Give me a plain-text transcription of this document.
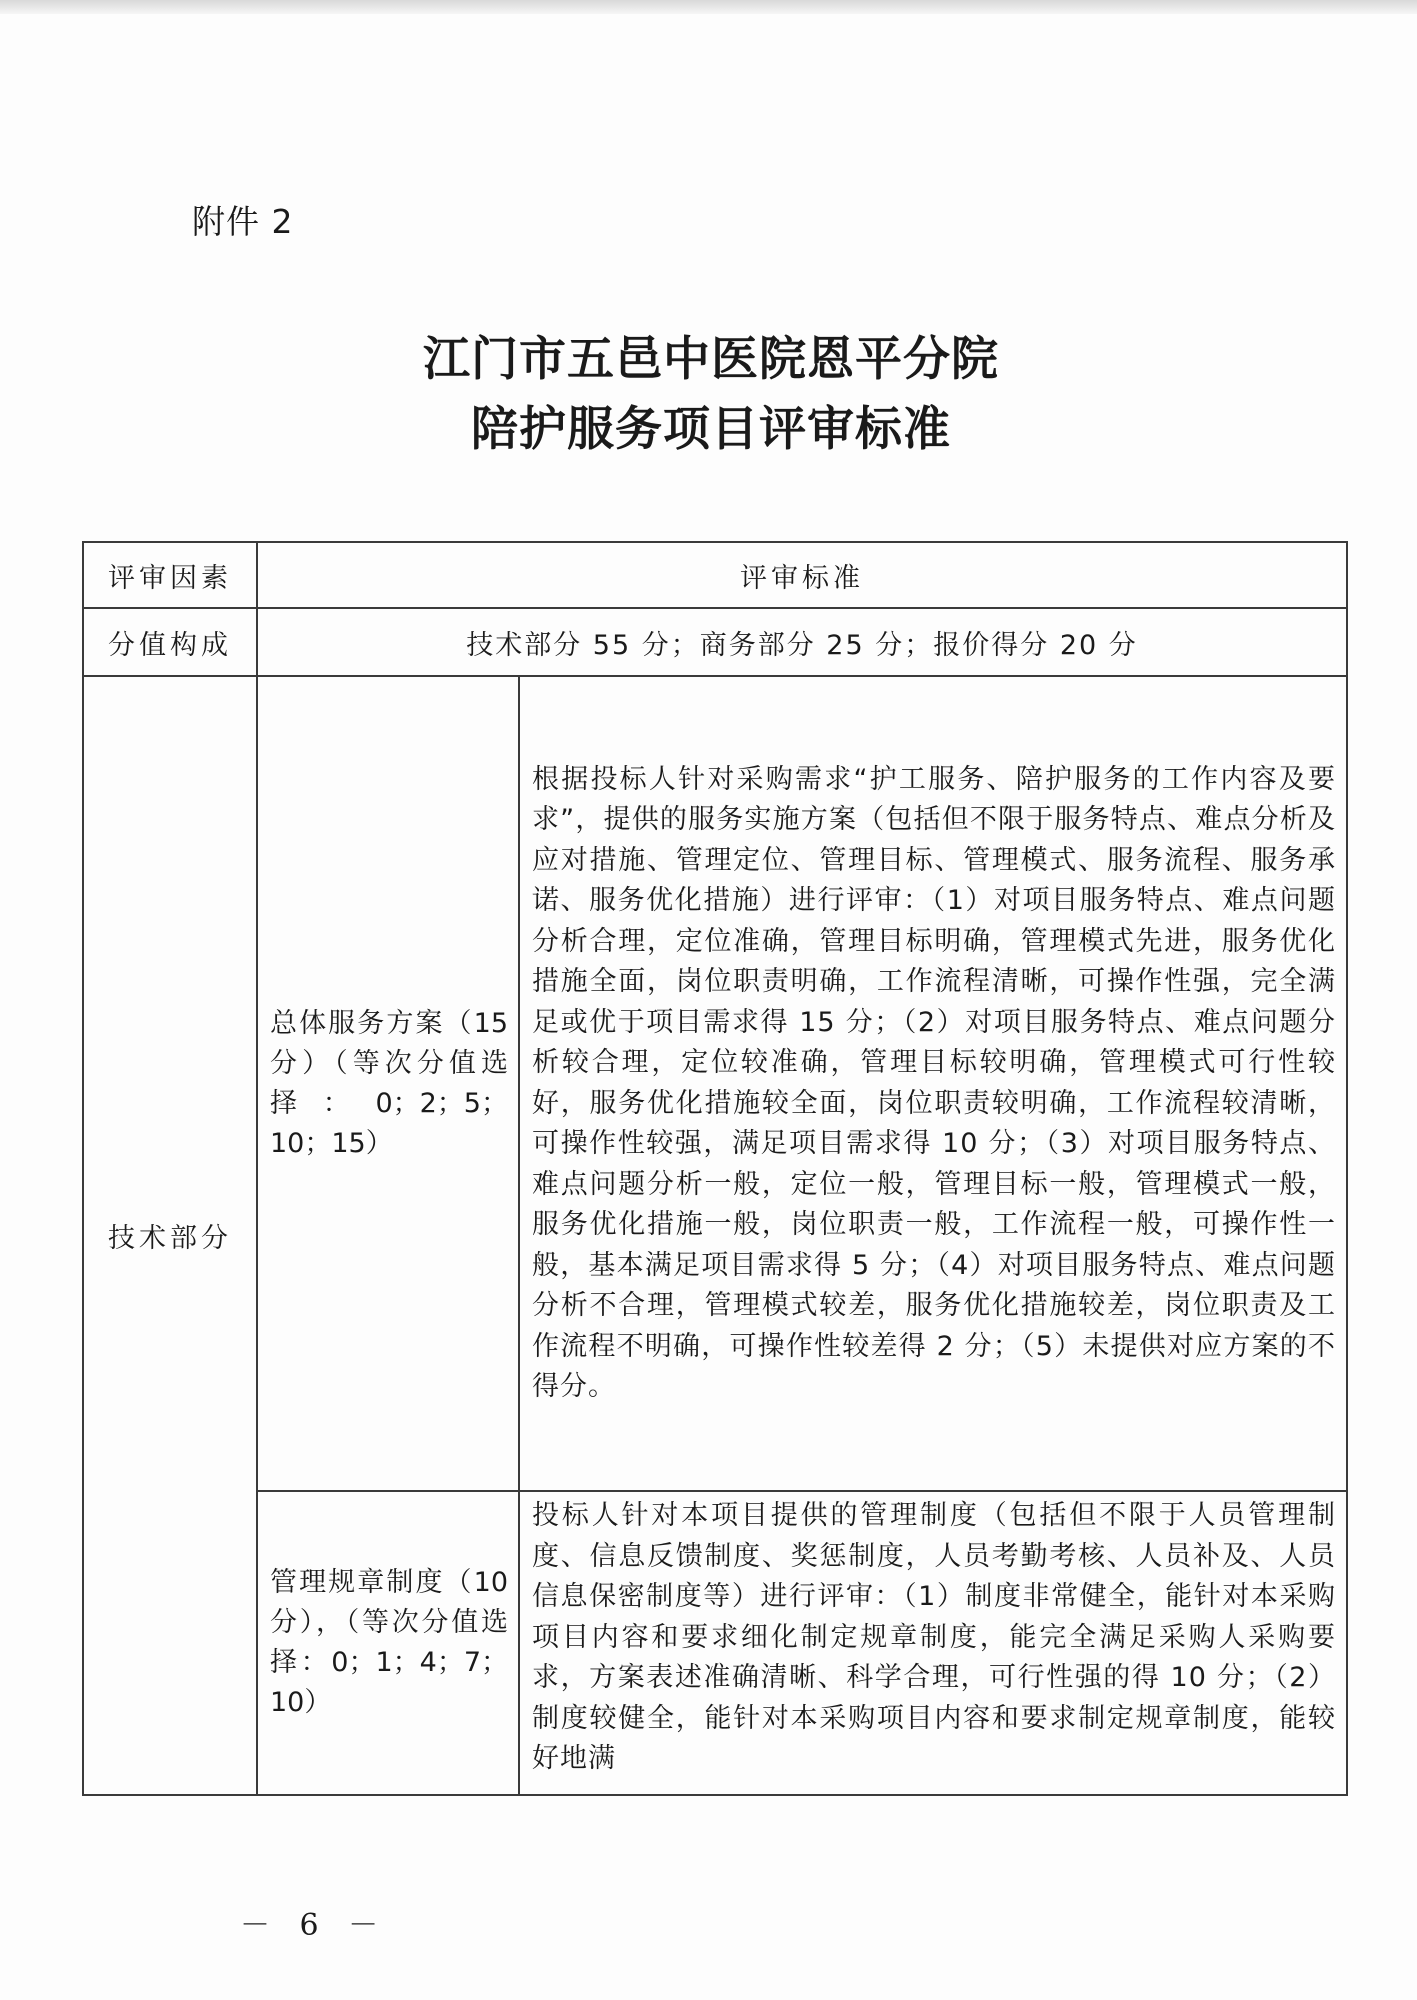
附件 2
江门市五邑中医院恩平分院
陪护服务项目评审标准
评审因素	评审标准	
分值构成	技术部分 55 分；商务部分 25 分；报价得分 20 分	
技术部分	总体服务方案（15 分）（等次分值选择：0；2；5；10；15）	根据投标人针对采购需求“护工服务、陪护服务的工作内容及要求”，提供的服务实施方案（包括但不限于服务特点、难点分析及应对措施、管理定位、管理目标、管理模式、服务流程、服务承诺、服务优化措施）进行评审：（1）对项目服务特点、难点问题分析合理，定位准确，管理目标明确，管理模式先进，服务优化措施全面，岗位职责明确，工作流程清晰，可操作性强，完全满足或优于项目需求得 15 分；（2）对项目服务特点、难点问题分析较合理，定位较准确，管理目标较明确，管理模式可行性较好，服务优化措施较全面，岗位职责较明确，工作流程较清晰，可操作性较强，满足项目需求得 10 分；（3）对项目服务特点、难点问题分析一般，定位一般，管理目标一般，管理模式一般，服务优化措施一般，岗位职责一般，工作流程一般，可操作性一般，基本满足项目需求得 5 分；（4）对项目服务特点、难点问题分析不合理，管理模式较差，服务优化措施较差，岗位职责及工作流程不明确，可操作性较差得 2 分；（5）未提供对应方案的不得分。
	管理规章制度（10 分），（等次分值选择：0；1；4；7；10）	投标人针对本项目提供的管理制度（包括但不限于人员管理制度、信息反馈制度、奖惩制度，人员考勤考核、人员补及、人员信息保密制度等）进行评审：（1）制度非常健全，能针对本采购项目内容和要求细化制定规章制度，能完全满足采购人采购要求，方案表述准确清晰、科学合理，可行性强的得 10 分；（2）制度较健全，能针对本采购项目内容和要求制定规章制度，能较好地满
－ 6 －
